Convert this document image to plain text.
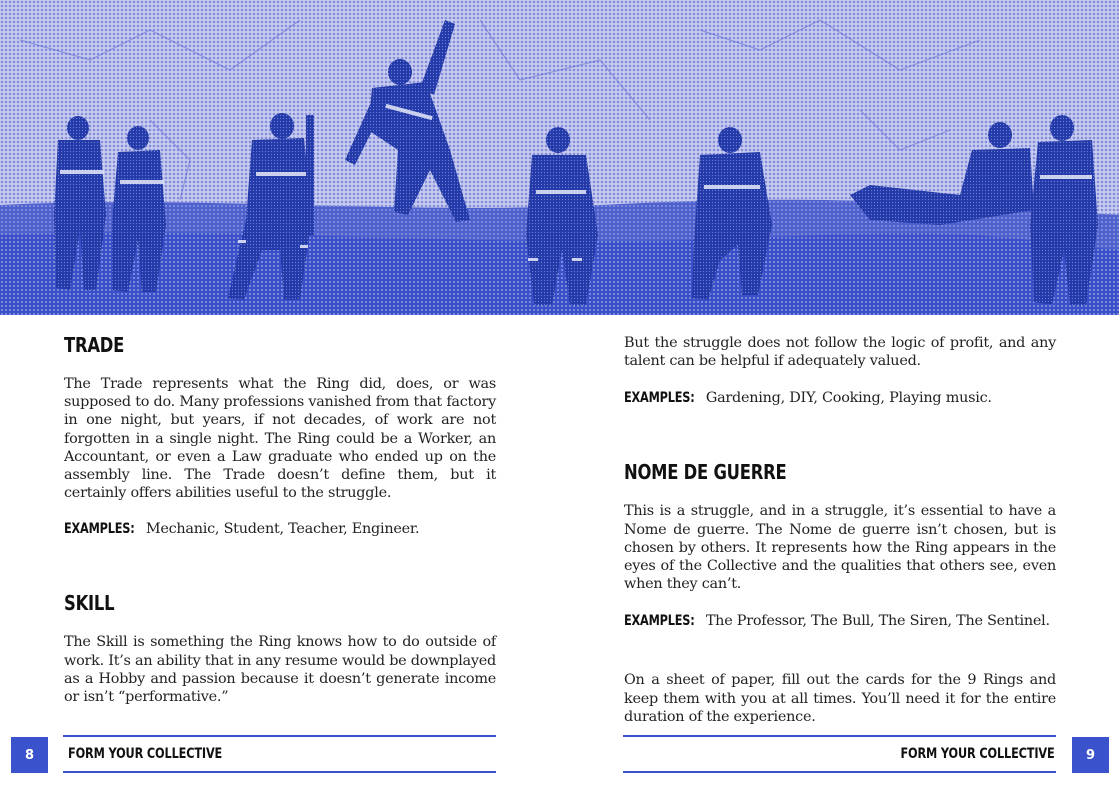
TRADE

The Trade represents what the Ring did, does, or was supposed to do. Many professions vanished from that factory in one night, but years, if not decades, of work are not forgotten in a single night. The Ring could be a Worker, an Accountant, or even a Law graduate who ended up on the assembly line. The Trade doesn’t define them, but it certainly offers abilities useful to the struggle.

EXAMPLES: Mechanic, Student, Teacher, Engineer.
SKILL

The Skill is something the Ring knows how to do outside of work. It’s an ability that in any resume would be downplayed as a Hobby and passion because it doesn’t generate income or isn’t “performative.”

But the struggle does not follow the logic of profit, and any talent can be helpful if adequately valued.

EXAMPLES: Gardening, DIY, Cooking, Playing music.
NOME DE GUERRE

This is a struggle, and in a struggle, it’s essential to have a Nome de guerre. The Nome de guerre isn’t chosen, but is chosen by others. It represents how the Ring appears in the eyes of the Collective and the qualities that others see, even when they can’t.

EXAMPLES: The Professor, The Bull, The Siren, The Sentinel.

On a sheet of paper, fill out the cards for the 9 Rings and keep them with you at all times. You’ll need it for the entire duration of the experience.

8	FORM YOUR COLLECTIVE	FORM YOUR COLLECTIVE	9
